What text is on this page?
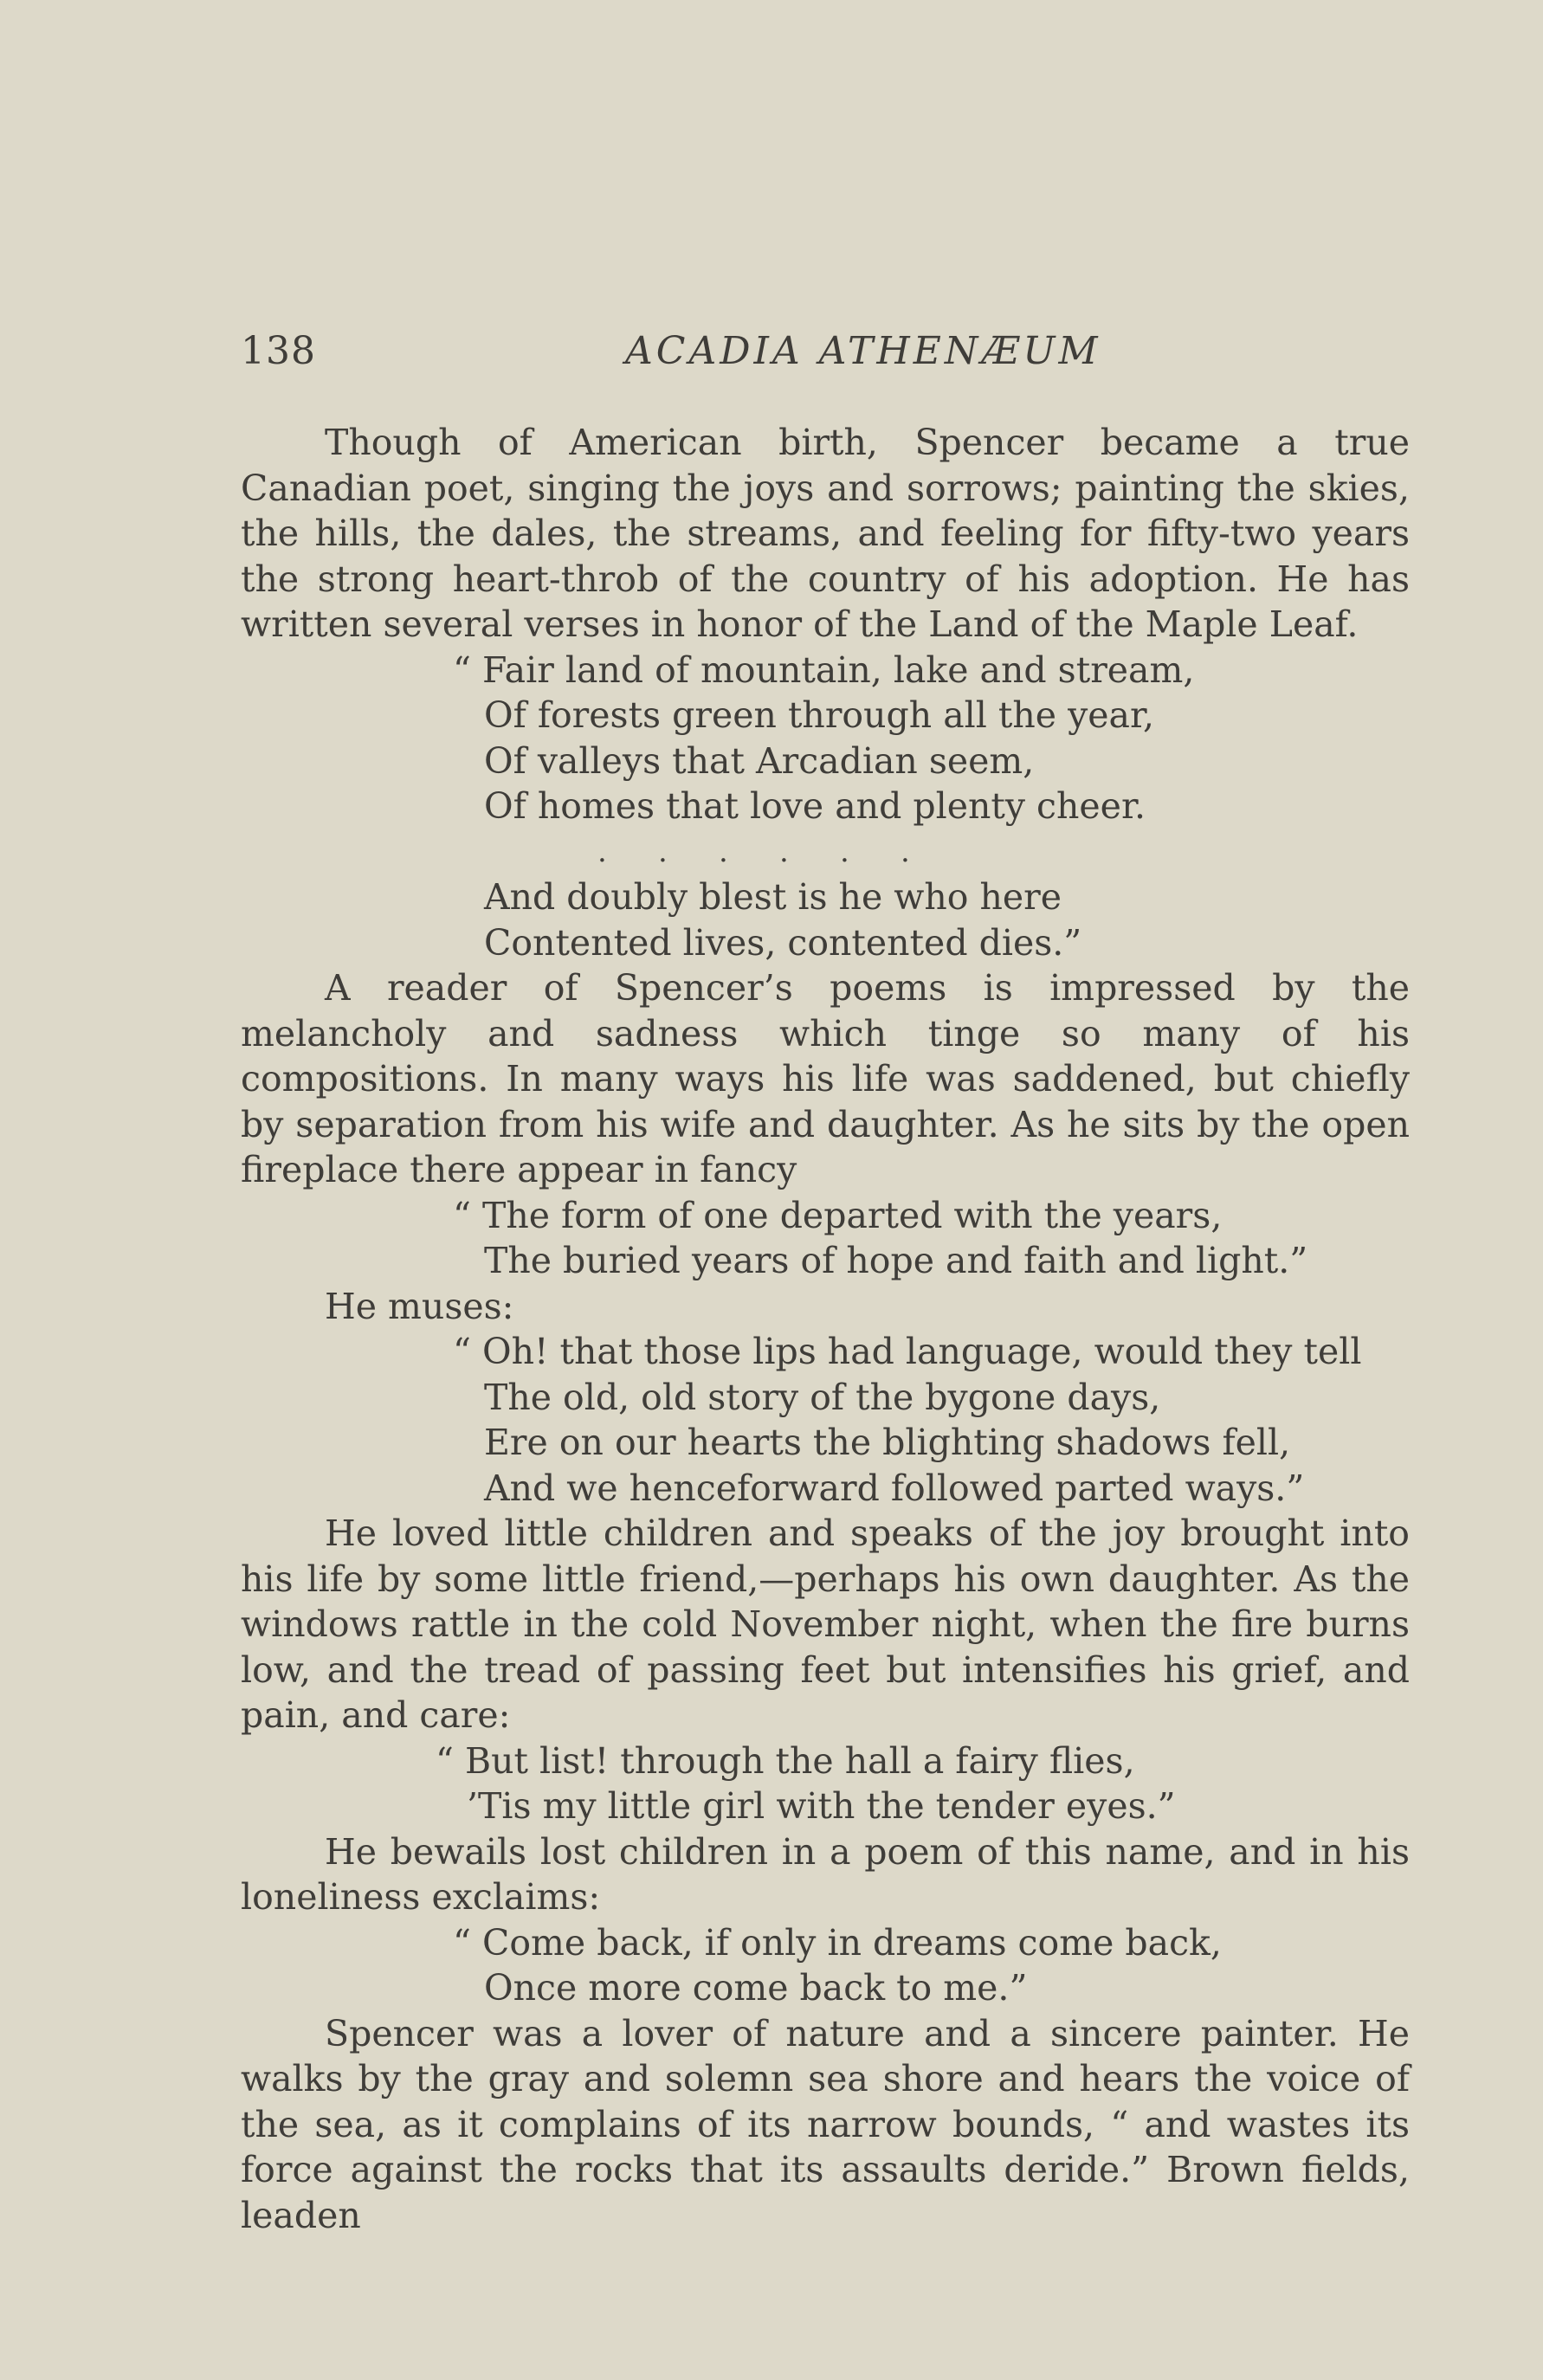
138	ACADIA ATHENÆUM

Though of American birth, Spencer became a true Canadian poet, singing the joys and sorrows; painting the skies, the hills, the dales, the streams, and feeling for fifty-two years the strong heart-throb of the country of his adoption. He has written several verses in honor of the Land of the Maple Leaf.

“ Fair land of mountain, lake and stream,
Of forests green through all the year,
Of valleys that Arcadian seem,
Of homes that love and plenty cheer.
. . . . . .
And doubly blest is he who here
Contented lives, contented dies.”

A reader of Spencer’s poems is impressed by the melancholy and sadness which tinge so many of his compositions. In many ways his life was saddened, but chiefly by separation from his wife and daughter. As he sits by the open fireplace there appear in fancy

“ The form of one departed with the years,
The buried years of hope and faith and light.”

He muses:

“ Oh! that those lips had language, would they tell
The old, old story of the bygone days,
Ere on our hearts the blighting shadows fell,
And we henceforward followed parted ways.”

He loved little children and speaks of the joy brought into his life by some little friend,—perhaps his own daughter. As the windows rattle in the cold November night, when the fire burns low, and the tread of passing feet but intensifies his grief, and pain, and care:

“ But list! through the hall a fairy flies,
’Tis my little girl with the tender eyes.”

He bewails lost children in a poem of this name, and in his loneliness exclaims:

“ Come back, if only in dreams come back,
Once more come back to me.”

Spencer was a lover of nature and a sincere painter. He walks by the gray and solemn sea shore and hears the voice of the sea, as it complains of its narrow bounds, “ and wastes its force against the rocks that its assaults deride.” Brown fields, leaden
